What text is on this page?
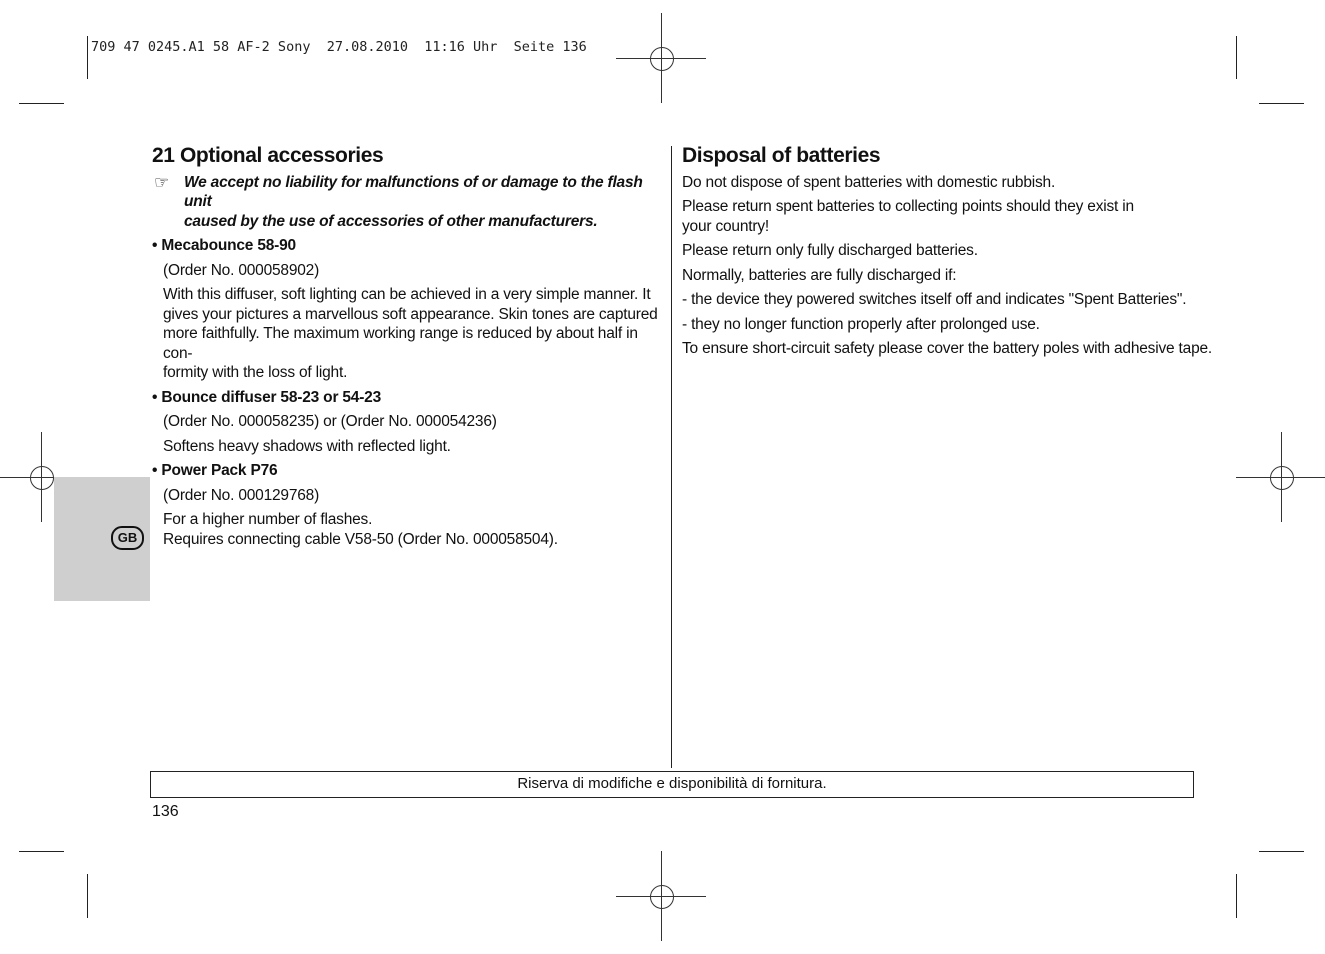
709 47 0245.A1 58 AF-2 Sony  27.08.2010  11:16 Uhr  Seite 136
GB
21 Optional accessories
☞ We accept no liability for malfunctions of or damage to the flash unit
caused by the use of accessories of other manufacturers.

• Mecabounce 58-90

(Order No. 000058902)

With this diffuser, soft lighting can be achieved in a very simple manner. It
gives your pictures a marvellous soft appearance. Skin tones are captured
more faithfully. The maximum working range is reduced by about half in con-
formity with the loss of light.

• Bounce diffuser 58-23 or 54-23

(Order No. 000058235) or (Order No. 000054236)

Softens heavy shadows with reflected light.

• Power Pack P76

(Order No. 000129768)

For a higher number of flashes.
Requires connecting cable V58-50 (Order No. 000058504).
Disposal of batteries

Do not dispose of spent batteries with domestic rubbish.

Please return spent batteries to collecting points should they exist in
your country!

Please return only fully discharged batteries.

Normally, batteries are fully discharged if:

- the device they powered switches itself off and indicates "Spent Batteries".

- they no longer function properly after prolonged use.

To ensure short-circuit safety please cover the battery poles with adhesive tape.

Riserva di modifiche e disponibilità di fornitura.
136
